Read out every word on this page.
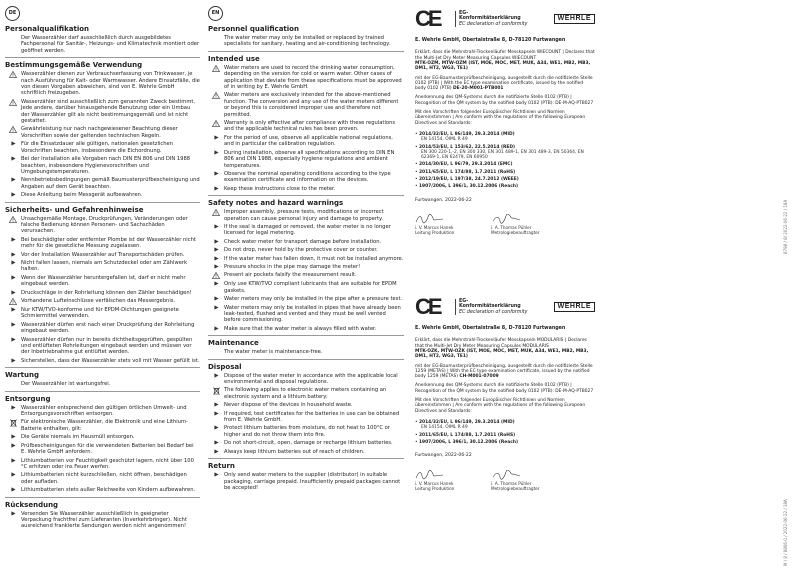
DE
Personalqualifikation

Der Wasserzähler darf ausschließlich durch ausgebildetes Fachpersonal für Sanitär-, Heizungs- und Klimatechnik montiert oder geöffnet werden.

Bestimmungsgemäße Verwendung
Wasserzähler dienen zur Verbrauchserfassung von Trinkwasser, je nach Ausführung für Kalt- oder Warmwasser. Andere Einsatzfälle, die von diesen Vorgaben abweichen, sind von E. Wehrle GmbH schriftlich freizugeben.
Wasserzähler sind ausschließlich zum genannten Zweck bestimmt. Jede andere, darüber hinausgehende Benutzung oder ein Umbau der Wasserzähler gilt als nicht bestimmungsgemäß und ist nicht gestattet.
Gewährleistung nur nach nachgewiesener Beachtung dieser Vorschriften sowie der geltenden technischen Regeln.
Für die Einsatzdauer alle gültigen, nationalen gesetzlichen Vorschriften beachten, insbesondere die Eichordnung.
Bei der Installation alle Vorgaben nach DIN EN 806 und DIN 1988 beachten, insbesondere Hygienevorschriften und Umgebungstemperaturen.
Nennbetriebsbedingungen gemäß Baumusterprüfbescheinigung und Angaben auf dem Gerät beachten.
Diese Anleitung beim Messgerät aufbewahren.
Sicherheits- und Gefahrenhinweise
Unsachgemäße Montage, Druckprüfungen, Veränderungen oder falsche Bedienung können Personen- und Sachschäden verursachen.
Bei beschädigter oder entfernter Plombe ist der Wasserzähler nicht mehr für die gesetzliche Messung zugelassen.
Vor der Installation Wasserzähler auf Transportschäden prüfen.
Nicht fallen lassen, niemals am Schutzdeckel oder am Zählwerk halten.
Wenn der Wasserzähler heruntergefallen ist, darf er nicht mehr eingebaut werden.
Druckschläge in der Rohrleitung können den Zähler beschädigen!
Vorhandene Lufteinschlüsse verfälschen das Messergebnis.
Nur KTW/TVO-konforme und für EPDM-Dichtungen geeignete Schmiermittel verwenden.
Wasserzähler dürfen erst nach einer Druckprüfung der Rohrleitung eingebaut werden.
Wasserzähler dürfen nur in bereits dichtheitsgeprüften, gespülten und entlüfteten Rohrleitungen eingebaut werden und müssen vor der Inbetriebnahme gut entlüftet werden.
Sicherstellen, dass der Wasserzähler stets voll mit Wasser gefüllt ist.
Wartung

Der Wasserzähler ist wartungsfrei.

Entsorgung
Wasserzähler entsprechend den gültigen örtlichen Umwelt- und Entsorgungsvorschriften entsorgen.
Für elektronische Wasserzähler, die Elektronik und eine Lithium-Batterie enthalten, gilt:
Die Geräte niemals im Hausmüll entsorgen.
Prüfbescheinigungen für die verwendeten Batterien bei Bedarf bei E. Wehrle GmbH anfordern.
Lithiumbatterien vor Feuchtigkeit geschützt lagern, nicht über 100 °C erhitzen oder ins Feuer werfen.
Lithiumbatterien nicht kurzschließen, nicht öffnen, beschädigen oder aufladen.
Lithiumbatterien stets außer Reichweite von Kindern aufbewahren.
Rücksendung
Versenden Sie Wasserzähler ausschließlich in geeigneter Verpackung frachtfrei zum Lieferanten (Inverkehrbringer). Nicht ausreichend frankierte Sendungen werden nicht angenommen!
EN
Personnel qualification

The water meter may only be installed or replaced by trained specialists for sanitary, heating and air-conditioning technology.

Intended use
Water meters are used to record the drinking water consumption, depending on the version for cold or warm water. Other cases of application that deviate from these specifications must be approved of in writing by E. Wehrle GmbH.
Water meters are exclusively intended for the above-mentioned function. The conversion and any use of the water meters different or beyond this is considered improper use and therefore not permitted.
Warranty is only effective after compliance with these regulations and the applicable technical rules has been proven.
For the period of use, observe all applicable national regulations, and in particular the calibration regulation.
During installation, observe all specifications according to DIN EN 806 and DIN 1988, especially hygiene regulations and ambient temperatures.
Observe the nominal operating conditions according to the type examination certificate and information on the devices.
Keep these instructions close to the meter.
Safety notes and hazard warnings
Improper assembly, pressure tests, modifications or incorrect operation can cause personal injury and damage to property.
If the seal is damaged or removed, the water meter is no longer licensed for legal metering.
Check water meter for transport damage before installation.
Do not drop, never hold by the protective cover or counter.
If the water meter has fallen down, it must not be installed anymore.
Pressure shocks in the pipe may damage the meter!
Present air pockets falsify the measurement result.
Only use KTW/TVO compliant lubricants that are suitable for EPDM gaskets.
Water meters may only be installed in the pipe after a pressure test.
Water meters may only be installed in pipes that have already been leak-tested, flushed and vented and they must be well vented before commissioning.
Make sure that the water meter is always filled with water.
Maintenance

The water meter is maintenance-free.

Disposal
Dispose of the water meter in accordance with the applicable local environmental and disposal regulations.
The following applies to electronic water meters containing an electronic system and a lithium battery:
Never dispose of the devices in household waste.
If required, test certificates for the batteries in use can be obtained from E. Wehrle GmbH.
Protect lithium batteries from moisture, do not heat to 100°C or higher and do not throw them into fire.
Do not short-circuit, open, damage or recharge lithium batteries.
Always keep lithium batteries out of reach of children.
Return
Only send water meters to the supplier (distributor) in suitable packaging, carriage prepaid. Insufficiently prepaid packages cannot be accepted!
CE	EG-Konformitätserklärung
EC declaration of conformity
WEHRLE
E. Wehrle GmbH, Obertalstraße 8, D-78120 Furtwangen
Erklärt, dass die Mehrstrahl-Trockenläufer Messkapseln WIECOUNT | Declares that the Multi-Jet Dry Meter Measuring Capsules WIECOUNT
MTK-OZM, MTW-OZM (IST, MOE, MOC, MET, MUK, A34, WE1, MB2, MB3, DM1, HT2, WG3, TE1)
mit der EG-Baumusterprüfbescheinigung, ausgestellt durch die notifizierte Stelle 0102 (PTB) | With the EC type examination certificate, issued by the notified body 0102 (PTB) DE-20-M001-PTB001
Anerkennung des QM-Systems durch die notifizierte Stelle 0102 (PTB) | Recognition of the QM system by the notified body 0102 (PTB): DE-M-AQ-PTB027
Mit den Vorschriften folgender Europäischer Richtlinien und Normen übereinstimmen | Are conform with the regulations of the following European Directives and Standards:
• 2014/32/EU, L 96/149, 29.3.2014 (MID)
EN 14154, OIML R 49
• 2014/53/EU, L 153/62, 22.5.2014 (RED)
EN 300 220-1,-2, EN 300 330, EN 301 489-1, EN 301 489-3, EN 50364, EN 62369-1, EN 62479, EN 60950
• 2014/30/EU, L 96/79, 29.3.2014 (EMC)
• 2011/65/EU, L 174/88, 1.7.2011 (RoHS)
• 2012/19/EU, L 197/38, 24.7.2012 (WEEE)
• 1907/2006, L 396/1, 30.12.2006 (Reach)
Furtwangen, 2022-06-22
i. V. Marcus Hanek
Leitung Produktion
i. A. Thomas Pühler
Metrologiebeauftragter
CE	EG-Konformitätserklärung
EC declaration of conformity
WEHRLE
E. Wehrle GmbH, Obertalstraße 8, D-78120 Furtwangen
Erklärt, dass die Mehrstrahl-Trockenläufer Messkapseln MODULARIS | Declares that the Multi-Jet Dry Meter Measuring Capsules MODULARIS
MTK-OZK, MTW-OZK (IST, MOE, MOC, MET, MUK, A34, WE1, MB2, MB3, DM1, HT2, WG3, TE1)
mit der EG-Baumusterprüfbescheinigung, ausgestellt durch die notifizierte Stelle 1259 (METAS) | With the EC type examination certificate, issued by the notified body 1259 (METAS) CH-M001-07009
Anerkennung des QM-Systems durch die notifizierte Stelle 0102 (PTB) | Recognition of the QM system by the notified body 0102 (PTB): DE-M-AQ-PTB027
Mit den Vorschriften folgender Europäischer Richtlinien und Normen übereinstimmen | Are conform with the regulations of the following European Directives and Standards:
• 2014/32/EU, L 96/149, 29.3.2014 (MID)
EN 14154, OIML R 49
• 2011/65/EU, L 174/88, 1.7.2011 (RoHS)
• 1907/2006, L 396/1, 30.12.2006 (Reach)
Furtwangen, 2022-06-22
i. V. Marcus Hanek
Leitung Produktion
i. A. Thomas Pühler
Metrologiebeauftragter
8798 / 8/ 2022-06-22 / 18A
M / 8 / 8806-0 / 2022-06-22 / 18A
